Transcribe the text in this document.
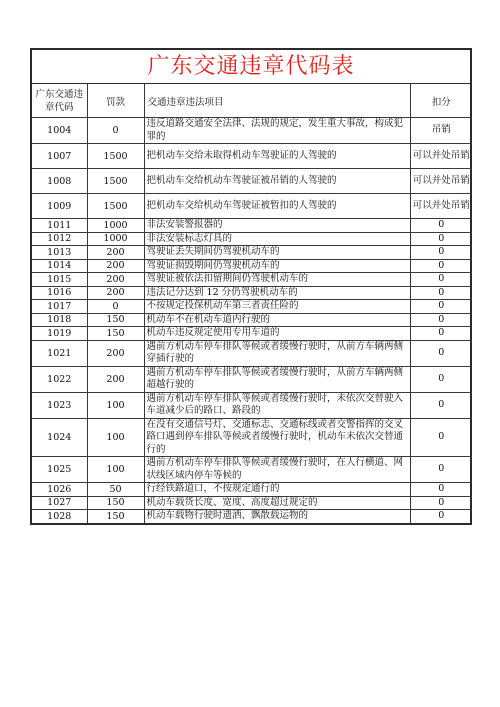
广东交通违章代码表
广东交通违章代码	罚款	交通违章违法项目	扣分
1004	0	违反道路交通安全法律、法规的规定，发生重大事故，构成犯罪的	吊销
1007	1500	把机动车交给未取得机动车驾驶证的人驾驶的	可以并处吊销
1008	1500	把机动车交给机动车驾驶证被吊销的人驾驶的	可以并处吊销
1009	1500	把机动车交给机动车驾驶证被暂扣的人驾驶的	可以并处吊销
1011	1000	非法安装警报器的	0
1012	1000	非法安装标志灯具的	0
1013	200	驾驶证丢失期间仍驾驶机动车的	0
1014	200	驾驶证损毁期间仍驾驶机动车的	0
1015	200	驾驶证被依法扣留期间仍驾驶机动车的	0
1016	200	违法记分达到 12 分仍驾驶机动车的	0
1017	0	不按规定投保机动车第三者责任险的	0
1018	150	机动车不在机动车道内行驶的	0
1019	150	机动车违反规定使用专用车道的	0
1021	200	遇前方机动车停车排队等候或者缓慢行驶时，从前方车辆两侧穿插行驶的	0
1022	200	遇前方机动车停车排队等候或者缓慢行驶时，从前方车辆两侧超越行驶的	0
1023	100	遇前方机动车停车排队等候或者缓慢行驶时，未依次交替驶入车道减少后的路口、路段的	0
1024	100	在没有交通信号灯、交通标志、交通标线或者交警指挥的交叉路口遇到停车排队等候或者缓慢行驶时，机动车未依次交替通行的	0
1025	100	遇前方机动车停车排队等候或者缓慢行驶时，在人行横道、网状线区域内停车等候的	0
1026	50	行经铁路道口，不按规定通行的	0
1027	150	机动车载货长度、宽度、高度超过规定的	0
1028	150	机动车载物行驶时遗洒、飘散载运物的	0
